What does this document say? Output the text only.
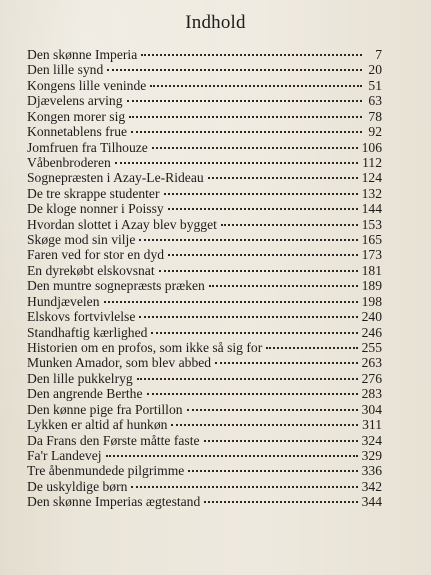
Indhold
Den skønne Imperia	7
Den lille synd	20
Kongens lille veninde	51
Djævelens arving	63
Kongen morer sig	78
Konnetablens frue	92
Jomfruen fra Tilhouze	106
Våbenbroderen	112
Sognepræsten i Azay-Le-Rideau	124
De tre skrappe studenter	132
De kloge nonner i Poissy	144
Hvordan slottet i Azay blev bygget	153
Skøge mod sin vilje	165
Faren ved for stor en dyd	173
En dyrekøbt elskovsnat	181
Den muntre sognepræsts præken	189
Hundjævelen	198
Elskovs fortvivlelse	240
Standhaftig kærlighed	246
Historien om en profos, som ikke så sig for	255
Munken Amador, som blev abbed	263
Den lille pukkelryg	276
Den angrende Berthe	283
Den kønne pige fra Portillon	304
Lykken er altid af hunkøn	311
Da Frans den Første måtte faste	324
Fa'r Landevej	329
Tre åbenmundede pilgrimme	336
De uskyldige børn	342
Den skønne Imperias ægtestand	344
